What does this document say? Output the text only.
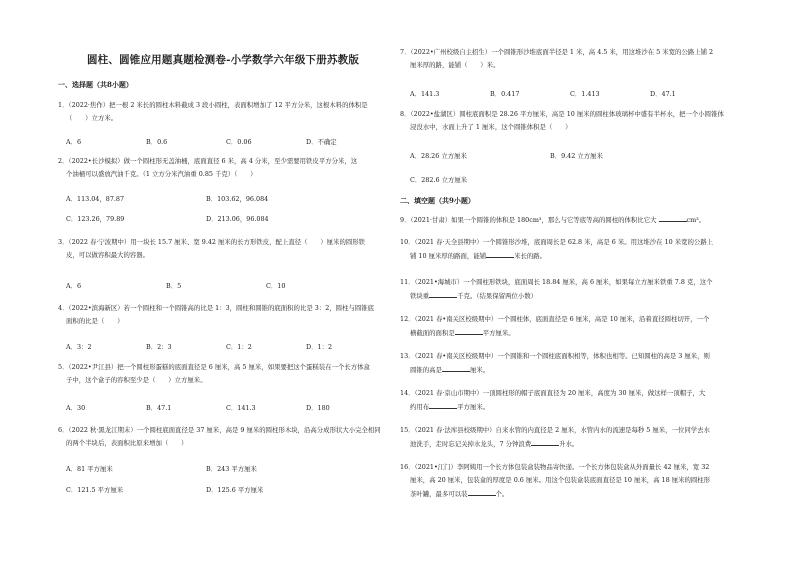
圆柱、圆锥应用题真题检测卷-小学数学六年级下册苏教版
一、选择题（共8小题）
1．（2022·焦作）把一根 2 米长的圆柱木料截成 3 段小圆柱，表面积增加了 12 平方分米，这根木料的体积是
（　　）立方米。
A．6	B．0.6	C．0.06	D．不确定
2．（2022•长沙模拟）做一个圆柱形无盖油桶，底面直径 6 米，高 4 分米，至少需要用铁皮平方分米，这
个油桶可以盛放汽油千克。（1 立方分米汽油重 0.85 千克）（　　）
A．113.04，87.87	B．103.62，96.084
C．123.26，79.89	D．213.06，96.084
3．（2022 春·宁波期中）用一块长 15.7 厘米、宽 9.42 厘米的长方形铁皮，配上直径（　　）厘米的圆形铁
皮，可以做容积最大的容器。
A．6	B．5	C．10
4．（2022•滨海新区）若一个圆柱和一个圆锥高的比是 1：3，圆柱和圆锥的底面积的比是 3：2，圆柱与圆锥底
面积的比是（　　）
A．3：2	B．2：3	C．1：2	D．1：2
5．（2022•尹江县）把一个圆柱形蛋糕的底面直径是 6 厘米，高 5 厘米，如果要把这个蛋糕装在一个长方体盒
子中，这个盒子的容积至少是（　　）立方厘米。
A．30	B．47.1	C．141.3	D．180
6．（2022 秋·黑龙江期末）一个圆柱底面直径是 37 厘米，高是 9 厘米的圆柱形木块，沿高分成形状大小完全相同
的两个半块后，表面积比原来增加（　　）
A．81 平方厘米	B．243 平方厘米
C．121.5 平方厘米	D．125.6 平方厘米
7．（2022•广州校级自主招生）一个圆锥形沙堆底面半径是 1 米，高 4.5 米，用这堆沙在 5 米宽的公路上铺 2
厘米厚的路，能铺（　　）米。
A．141.3	B．0.417	C．1.413	D．47.1
8．（2022•盐湖区）圆柱底面积是 28.26 平方厘米，高是 10 厘米的圆柱体玻璃杯中盛有半杯水，把一个小圆锥体
浸没水中，水面上升了 1 厘米，这个圆锥体积是（　　）
A．28.26 立方厘米	B．9.42 立方厘米
C．282.6 立方厘米
二、填空题（共9小题）
9．（2021·甘肃）如果一个圆锥的体积是 180cm³，那么与它等底等高的圆柱的体积比它大	cm³。
10．（2021 春·天全县期中）一个圆锥形沙堆，底面周长是 62.8 米，高是 6 米。用这堆沙在 10 米宽的公路上
铺 10 厘米厚的路面，能铺	米长的路。
11．（2021•海城市）一个圆柱形铁块，底面周长 18.84 厘米，高 6 厘米，如果每立方厘米铁重 7.8 克，这个
铁块重	千克。（结果保留两位小数）
12．（2021 春•南关区校级期中）一个圆柱体，底面直径是 6 厘米，高是 10 厘米，沿着直径圆柱切开，一个
横截面的面积是	平方厘米。
13．（2021 春•南关区校级期中）一个圆锥和一个圆柱底面积相等，体积也相等。已知圆柱的高是 3 厘米，则
圆锥的高是	厘米。
14．（2021 春·京山市期中）一顶圆柱形的帽子底面直径为 20 厘米，高度为 30 厘米，做这样一顶帽子，大
约用布	平方厘米。
15．（2021 春·法库县校级期中）自来水管的内直径是 2 厘米，水管内水的流速是每秒 5 厘米，一位同学去水
池洗手，走时忘记关掉水龙头，7 分钟浪费	升水。
16．（2021•江门）李阿姨用一个长方体包装盒装物品寄快递。一个长方体包装盒从外面量长 42 厘米，宽 32
厘米，高 20 厘米，包装盒的厚度是 0.6 厘米。用这个包装盒装底面直径是 10 厘米，高 18 厘米的圆柱形
茶叶罐，最多可以装	个。
